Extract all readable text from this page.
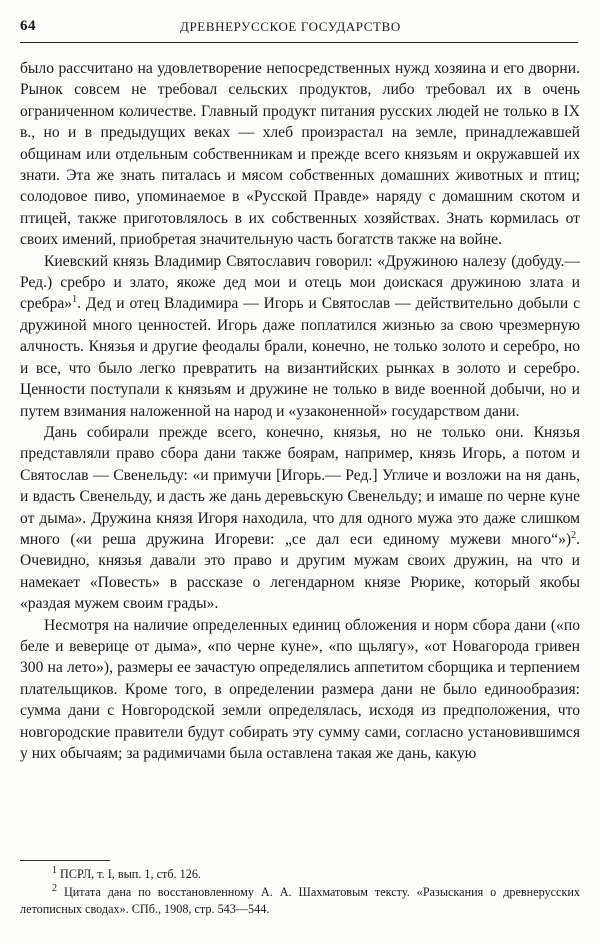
64	ДРЕВНЕРУССКОЕ ГОСУДАРСТВО

было рассчитано на удовлетворение непосредственных нужд хозяина и его дворни. Рынок совсем не требовал сельских продуктов, либо требовал их в очень ограниченном количестве. Главный продукт питания русских людей не только в IX в., но и в предыдущих веках — хлеб произрастал на земле, принадлежавшей общинам или отдельным собственникам и прежде всего князьям и окружавшей их знати. Эта же знать питалась и мясом собственных домашних животных и птиц; солодовое пиво, упоминаемое в «Русской Правде» наряду с домашним скотом и птицей, также приготовлялось в их собственных хозяйствах. Знать кормилась от своих имений, приобретая значительную часть богатств также на войне.

Киевский князь Владимир Святославич говорил: «Дружиною налезу (добуду.— Ред.) сребро и злато, якоже дед мои и отець мои доискася дружиною злата и сребра»$^1$. Дед и отец Владимира — Игорь и Святослав — действительно добыли с дружиной много ценностей. Игорь даже поплатился жизнью за свою чрезмерную алчность. Князья и другие феодалы брали, конечно, не только золото и серебро, но и все, что было легко превратить на византийских рынках в золото и серебро. Ценности поступали к князьям и дружине не только в виде военной добычи, но и путем взимания наложенной на народ и «узаконенной» государством дани.

Дань собирали прежде всего, конечно, князья, но не только они. Князья представляли право сбора дани также боярам, например, князь Игорь, а потом и Святослав — Свенельду: «и примучи [Игорь.— Ред.] Угличе и возложи на ня дань, и вдасть Свенельду, и дасть же дань деревьскую Свенельду; и имаше по черне куне от дыма». Дружина князя Игоря находила, что для одного мужа это даже слишком много («и реша дружина Игореви: „се дал еси единому мужеви много“»)$^2$. Очевидно, князья давали это право и другим мужам своих дружин, на что и намекает «Повесть» в рассказе о легендарном князе Рюрике, который якобы «раздая мужем своим грады».

Несмотря на наличие определенных единиц обложения и норм сбора дани («по беле и веверице от дыма», «по черне куне», «по щьлягу», «от Новагорода гривен 300 на лето»), размеры ее зачастую определялись аппетитом сборщика и терпением плательщиков. Кроме того, в определении размера дани не было единообразия: сумма дани с Новгородской земли определялась, исходя из предположения, что новгородские правители будут собирать эту сумму сами, согласно установившимся у них обычаям; за радимичами была оставлена такая же дань, какую

$^1$ ПСРЛ, т. I, вып. 1, стб. 126.

$^2$ Цитата дана по восстановленному А. А. Шахматовым тексту. «Разыскания о древнерусских летописных сводах». СПб., 1908, стр. 543—544.
